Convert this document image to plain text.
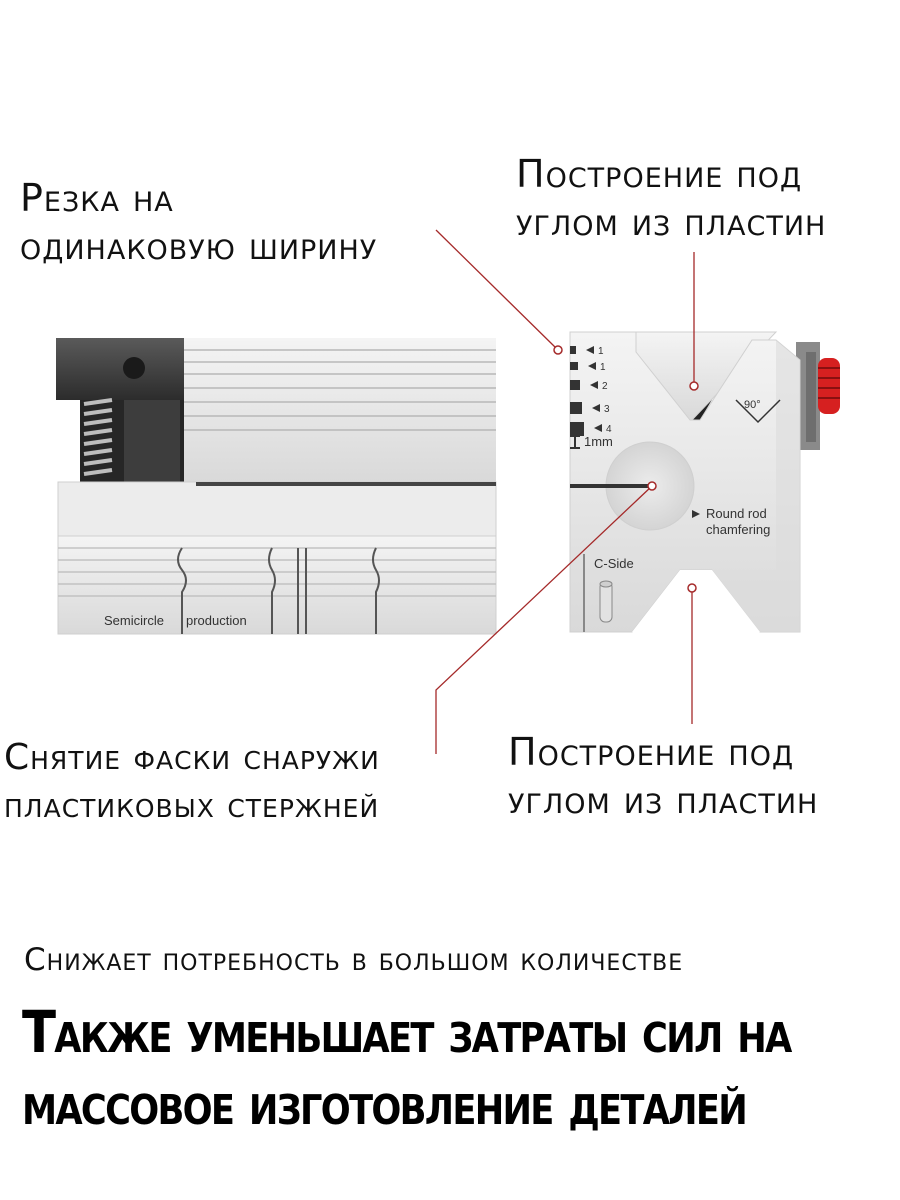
Резка на
одинаковую ширину
Построение под
углом из пластин
Semicircle production
1
1
2
3
4
1mm
90°
Round rod
chamfering
C-Side
Снятие фаски снаружи
пластиковых стержней
Построение под
углом из пластин

Снижает потребность в большом количестве

Также уменьшает затраты сил на
массовое изготовление деталей
